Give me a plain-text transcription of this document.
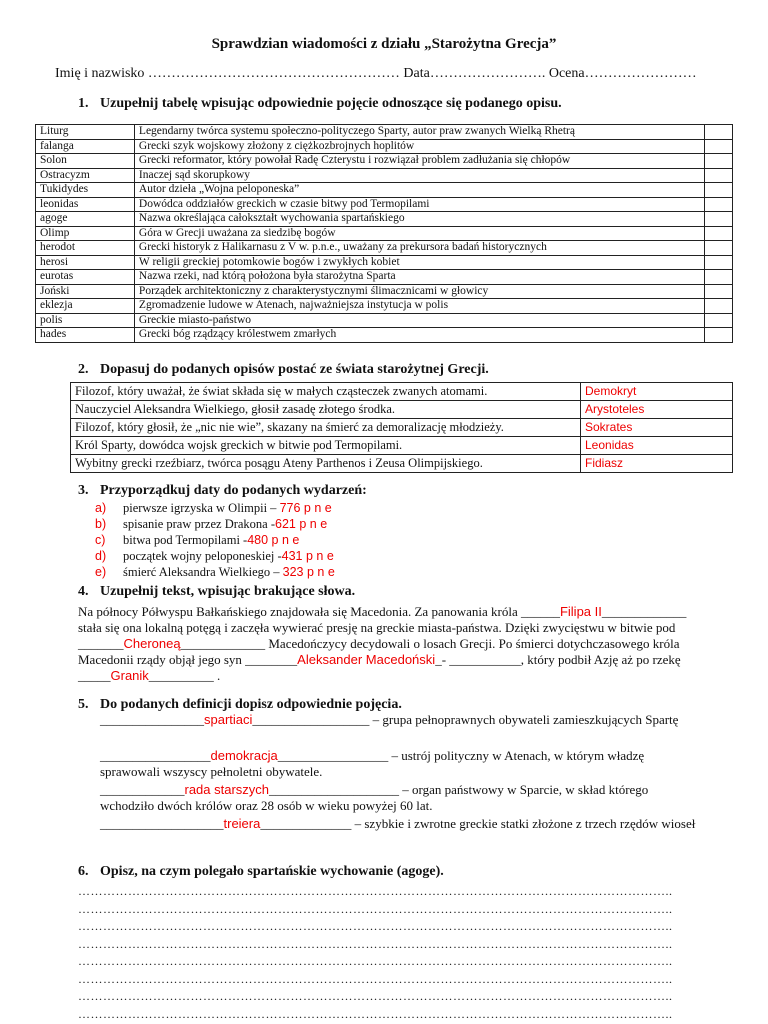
Sprawdzian wiadomości z działu „Starożytna Grecja”
Imię i nazwisko ……………………………………………… Data……………………. Ocena……………………
1. Uzupełnij tabelę wpisując odpowiednie pojęcie odnoszące się podanego opisu.
Liturg	Legendarny twórca systemu społeczno-polityczego Sparty, autor praw zwanych Wielką Rhetrą	
falanga	Grecki szyk wojskowy złożony z ciężkozbrojnych hoplitów	
Solon	Grecki reformator, który powołał Radę Czterystu i rozwiązał problem zadłużania się chłopów	
Ostracyzm	Inaczej sąd skorupkowy	
Tukidydes	Autor dzieła „Wojna peloponeska”	
leonidas	Dowódca oddziałów greckich w czasie bitwy pod Termopilami	
agoge	Nazwa określająca całokształt wychowania spartańskiego	
Olimp	Góra w Grecji uważana za siedzibę bogów	
herodot	Grecki historyk z Halikarnasu z V w. p.n.e., uważany za prekursora badań historycznych	
herosi	W religii greckiej potomkowie bogów i zwykłych kobiet	
eurotas	Nazwa rzeki, nad którą położona była starożytna Sparta	
Joński	Porządek architektoniczny z charakterystycznymi ślimacznicami w głowicy	
eklezja	Zgromadzenie ludowe w Atenach, najważniejsza instytucja w polis	
polis	Greckie miasto-państwo	
hades	Grecki bóg rządzący królestwem zmarłych	
2. Dopasuj do podanych opisów postać ze świata starożytnej Grecji.
Filozof, który uważał, że świat składa się w małych cząsteczek zwanych atomami.	Demokryt
Nauczyciel Aleksandra Wielkiego, głosił zasadę złotego środka.	Arystoteles
Filozof, który głosił, że „nic nie wie”, skazany na śmierć za demoralizację młodzieży.	Sokrates
Król Sparty, dowódca wojsk greckich w bitwie pod Termopilami.	Leonidas
Wybitny grecki rzeźbiarz, twórca posągu Ateny Parthenos i Zeusa Olimpijskiego.	Fidiasz
3. Przyporządkuj daty do podanych wydarzeń:
a) pierwsze igrzyska w Olimpii – 776 p n e
b) spisanie praw przez Drakona -621 p n e
c) bitwa pod Termopilami -480 p n e
d) początek wojny peloponeskiej -431 p n e
e) śmierć Aleksandra Wielkiego – 323 p n e
4. Uzupełnij tekst, wpisując brakujące słowa.
Na północy Półwyspu Bałkańskiego znajdowała się Macedonia. Za panowania króla ______Filipa II_____________ stała się ona lokalną potęgą i zaczęła wywierać presję na greckie miasta-państwa. Dzięki zwycięstwu w bitwie pod _______Cheroneą_____________ Macedończycy decydowali o losach Grecji. Po śmierci dotychczasowego króla Macedonii rządy objął jego syn ________Aleksander Macedoński_- ___________, który podbił Azję aż po rzekę _____Granik__________ .
5. Do podanych definicji dopisz odpowiednie pojęcia.
________________spartiaci__________________ – grupa pełnoprawnych obywateli zamieszkujących Spartę
_________________demokracja_________________ – ustrój polityczny w Atenach, w którym władzę sprawowali wszyscy pełnoletni obywatele.
_____________rada starszych____________________ – organ państwowy w Sparcie, w skład którego wchodziło dwóch królów oraz 28 osób w wieku powyżej 60 lat.
___________________treiera______________ – szybkie i zwrotne greckie statki złożone z trzech rzędów wioseł
6. Opisz, na czym polegało spartańskie wychowanie (agoge).
……………………………………………………………………………………………………………………………..
……………………………………………………………………………………………………………………………..
……………………………………………………………………………………………………………………………..
……………………………………………………………………………………………………………………………..
……………………………………………………………………………………………………………………………..
……………………………………………………………………………………………………………………………..
……………………………………………………………………………………………………………………………..
……………………………………………………………………………………………………………………………..
